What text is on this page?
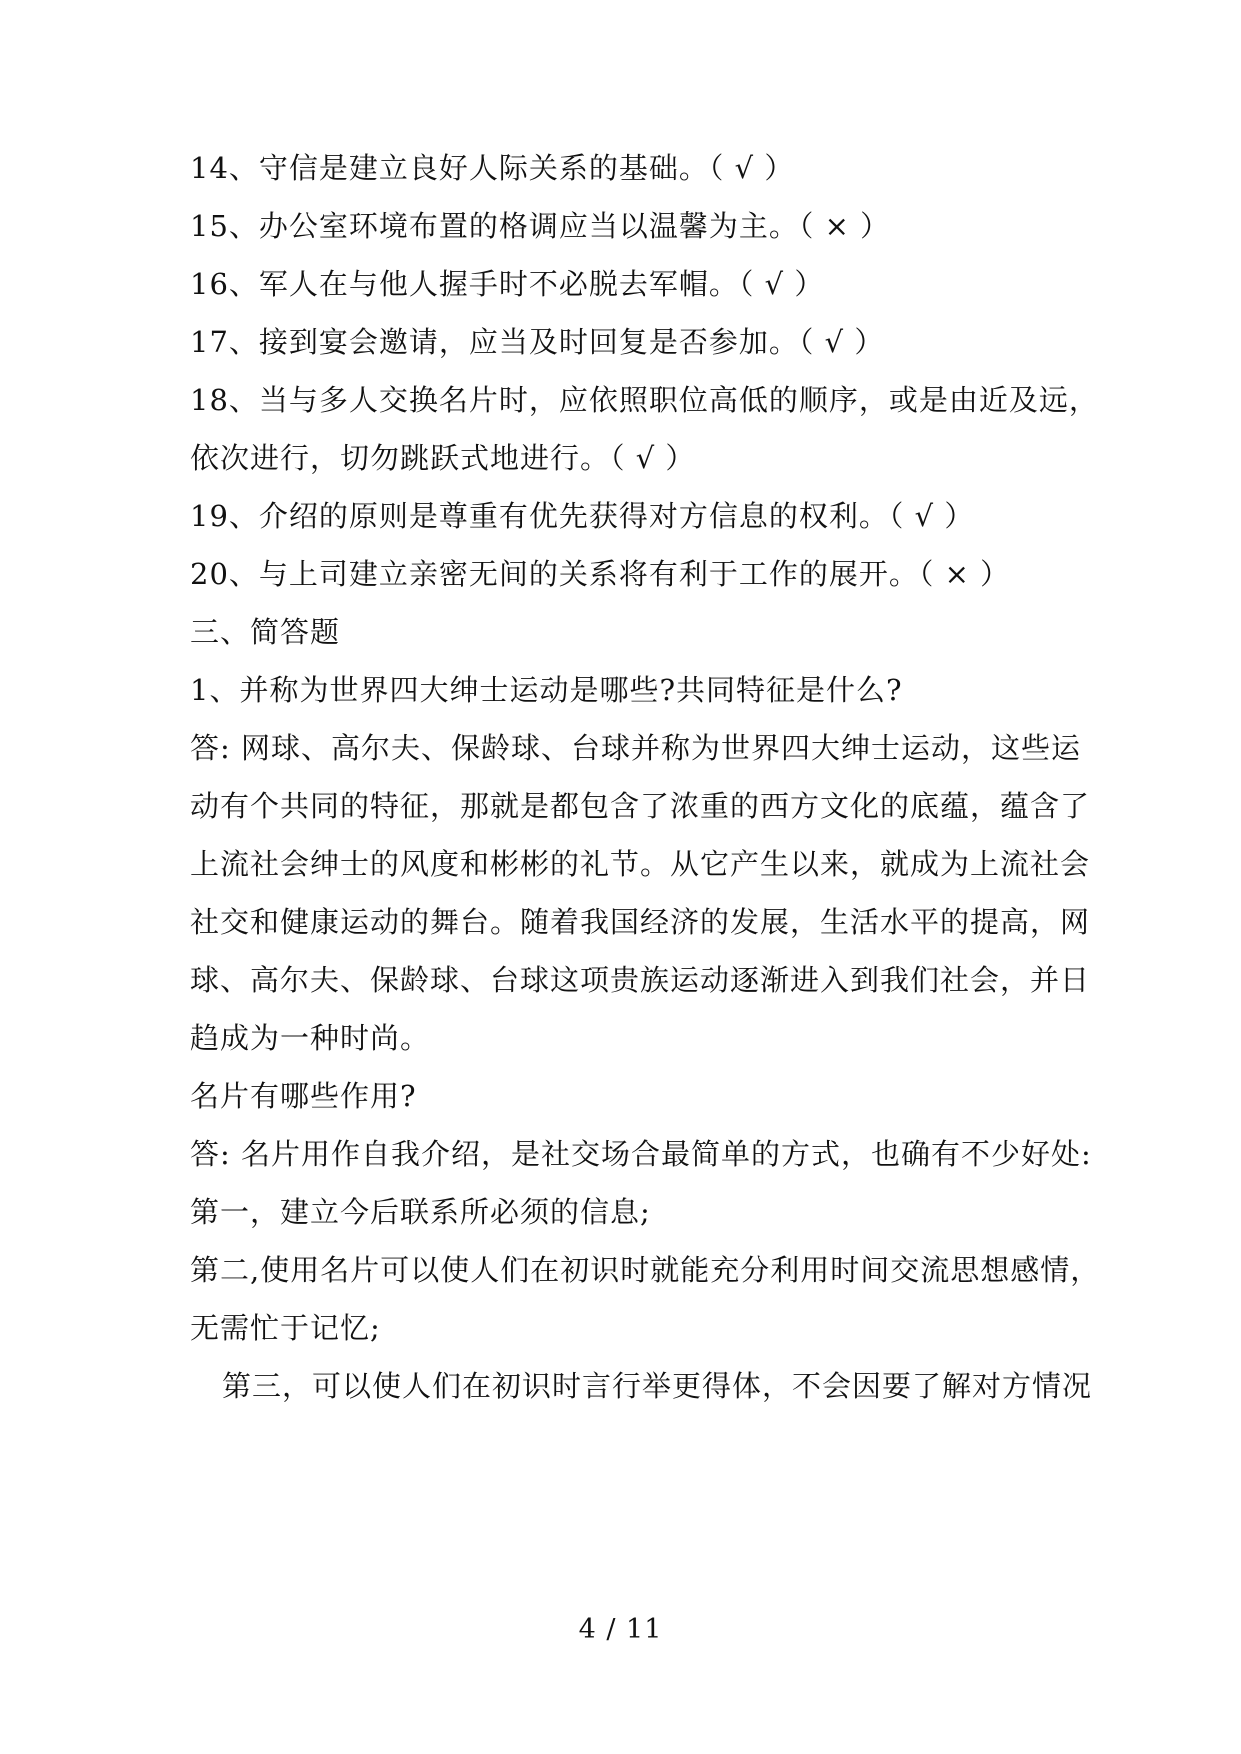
14、守信是建立良好人际关系的基础。（ √ ）
15、办公室环境布置的格调应当以温馨为主。（ × ）
16、军人在与他人握手时不必脱去军帽。（ √ ）
17、接到宴会邀请，应当及时回复是否参加。（ √ ）
18、当与多人交换名片时，应依照职位高低的顺序，或是由近及远，
依次进行，切勿跳跃式地进行。（ √ ）
19、介绍的原则是尊重有优先获得对方信息的权利。（ √ ）
20、与上司建立亲密无间的关系将有利于工作的展开。（ × ）
三、简答题
1、并称为世界四大绅士运动是哪些?共同特征是什么?
答: 网球、高尔夫、保龄球、台球并称为世界四大绅士运动，这些运
动有个共同的特征，那就是都包含了浓重的西方文化的底蕴，蕴含了
上流社会绅士的风度和彬彬的礼节。从它产生以来，就成为上流社会
社交和健康运动的舞台。随着我国经济的发展，生活水平的提高，网
球、高尔夫、保龄球、台球这项贵族运动逐渐进入到我们社会，并日
趋成为一种时尚。
名片有哪些作用?
答: 名片用作自我介绍，是社交场合最简单的方式，也确有不少好处:
第一，建立今后联系所必须的信息;
第二,使用名片可以使人们在初识时就能充分利用时间交流思想感情，
无需忙于记忆;
第三，可以使人们在初识时言行举更得体，不会因要了解对方情况
4 / 11
